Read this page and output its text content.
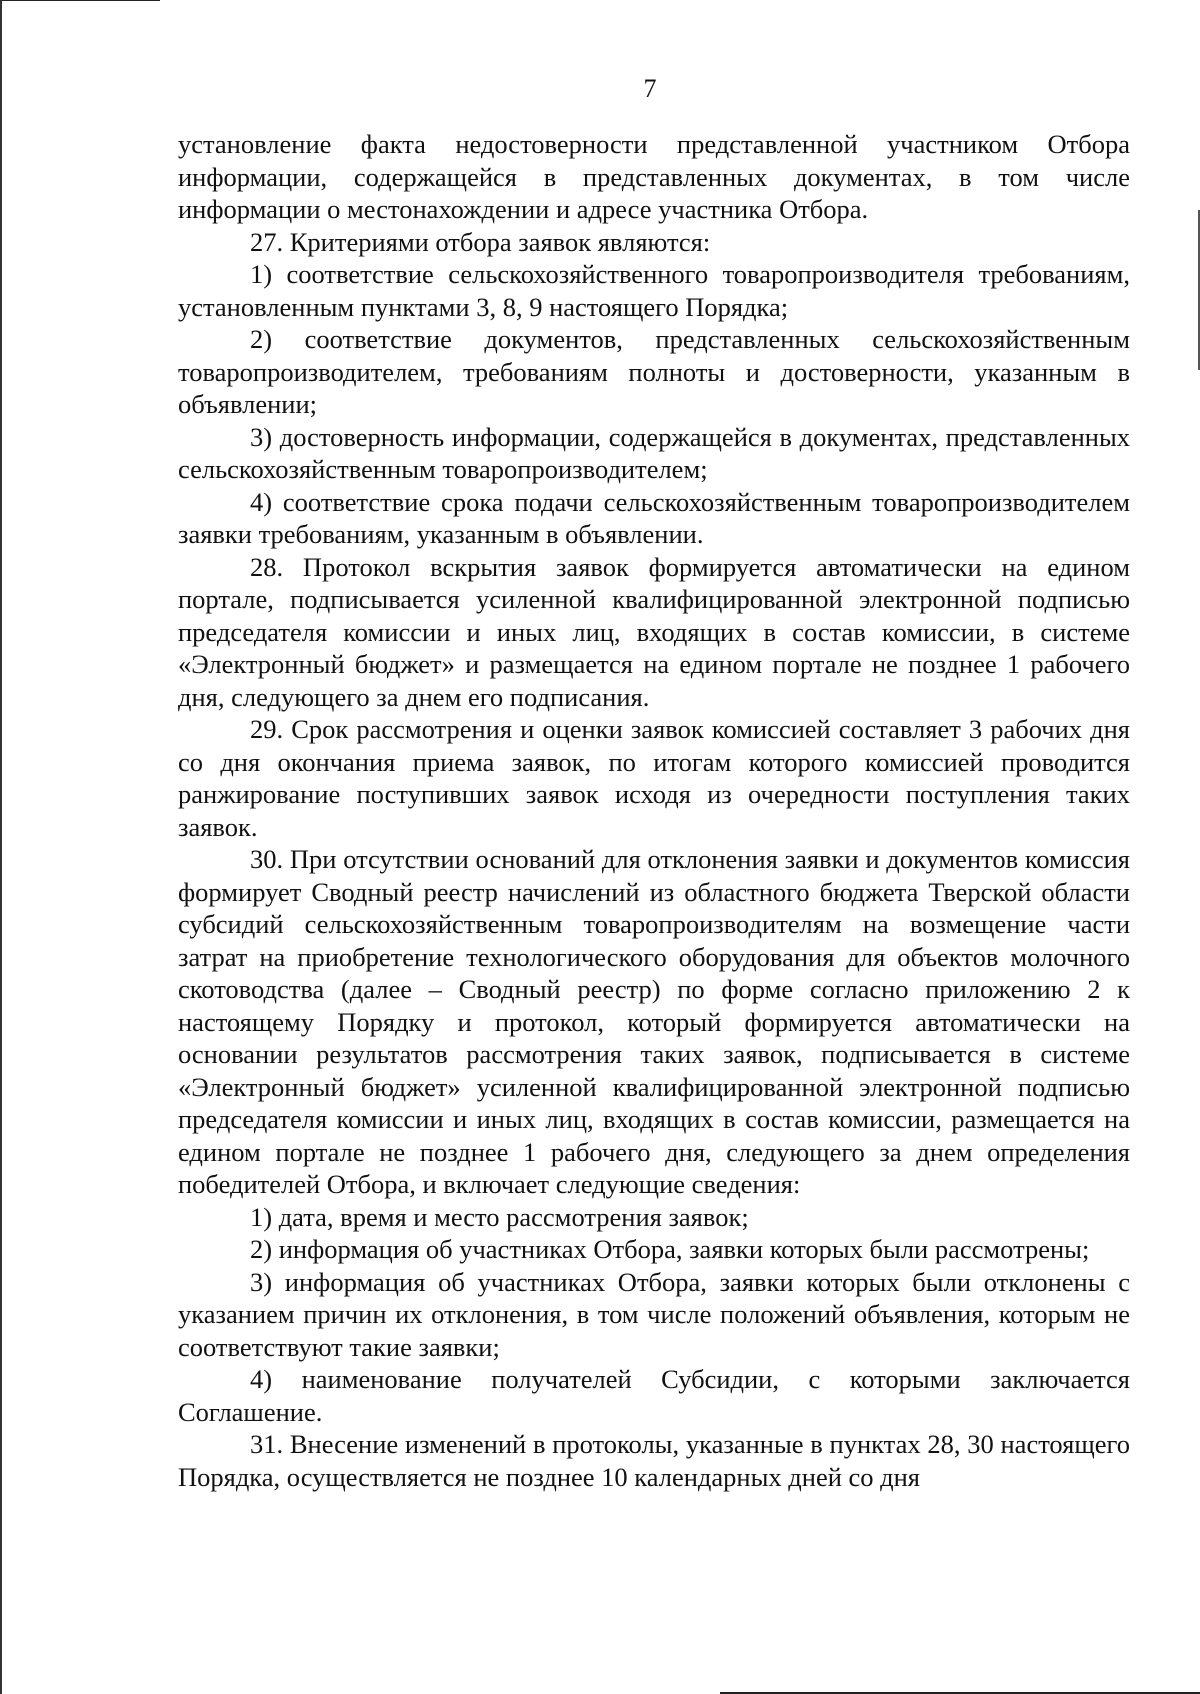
7

установление факта недостоверности представленной участником Отбора информации, содержащейся в представленных документах, в том числе информации о местонахождении и адресе участника Отбора.

27. Критериями отбора заявок являются:

1) соответствие сельскохозяйственного товаропроизводителя требованиям, установленным пунктами 3, 8, 9 настоящего Порядка;

2) соответствие документов, представленных сельскохозяйственным товаропроизводителем, требованиям полноты и достоверности, указанным в объявлении;

3) достоверность информации, содержащейся в документах, представленных сельскохозяйственным товаропроизводителем;

4) соответствие срока подачи сельскохозяйственным товаропроизводителем заявки требованиям, указанным в объявлении.

28. Протокол вскрытия заявок формируется автоматически на едином портале, подписывается усиленной квалифицированной электронной подписью председателя комиссии и иных лиц, входящих в состав комиссии, в системе «Электронный бюджет» и размещается на едином портале не позднее 1 рабочего дня, следующего за днем его подписания.

29. Срок рассмотрения и оценки заявок комиссией составляет 3 рабочих дня со дня окончания приема заявок, по итогам которого комиссией проводится ранжирование поступивших заявок исходя из очередности поступления таких заявок.

30. При отсутствии оснований для отклонения заявки и документов комиссия формирует Сводный реестр начислений из областного бюджета Тверской области субсидий сельскохозяйственным товаропроизводителям на возмещение части затрат на приобретение технологического оборудования для объектов молочного скотоводства (далее – Сводный реестр) по форме согласно приложению 2 к настоящему Порядку и протокол, который формируется автоматически на основании результатов рассмотрения таких заявок, подписывается в системе «Электронный бюджет» усиленной квалифицированной электронной подписью председателя комиссии и иных лиц, входящих в состав комиссии, размещается на едином портале не позднее 1 рабочего дня, следующего за днем определения победителей Отбора, и включает следующие сведения:

1) дата, время и место рассмотрения заявок;

2) информация об участниках Отбора, заявки которых были рассмотрены;

3) информация об участниках Отбора, заявки которых были отклонены с указанием причин их отклонения, в том числе положений объявления, которым не соответствуют такие заявки;

4) наименование получателей Субсидии, с которыми заключается Соглашение.

31. Внесение изменений в протоколы, указанные в пунктах 28, 30 настоящего Порядка, осуществляется не позднее 10 календарных дней со дня
